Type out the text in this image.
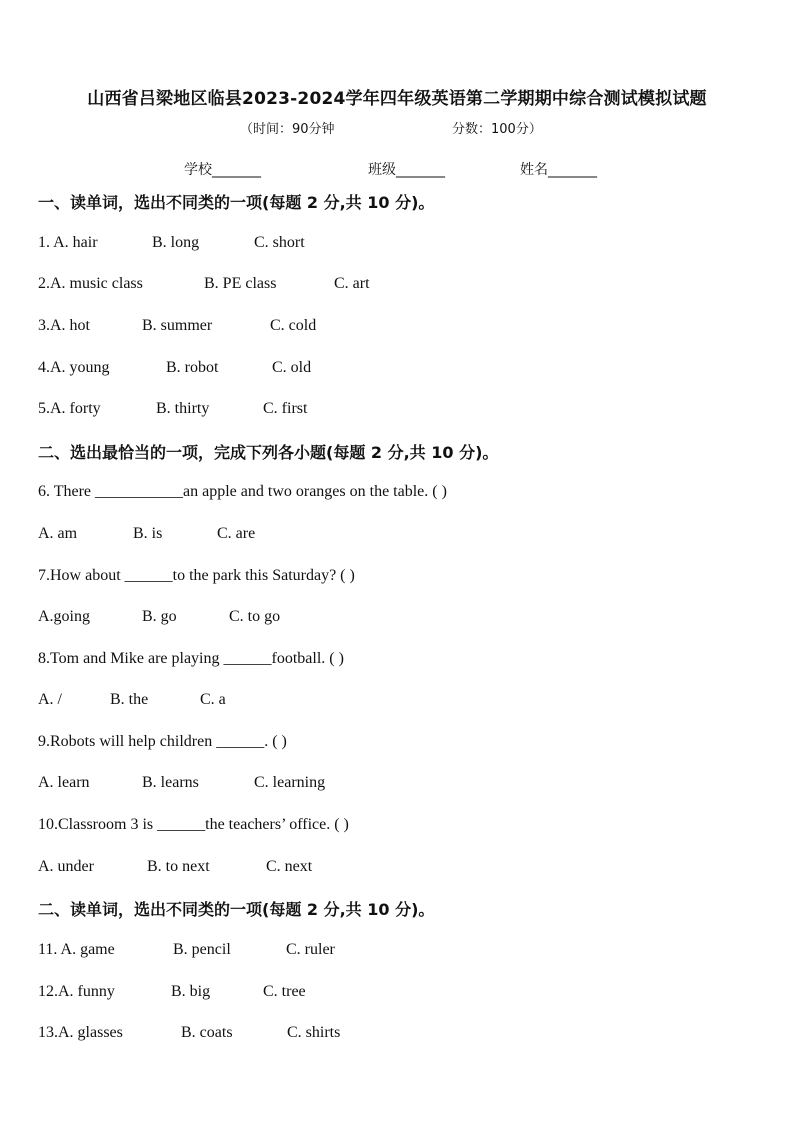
山西省吕梁地区临县2023-2024学年四年级英语第二学期期中综合测试模拟试题
（时间：90分钟	分数：100分）
学校_______	班级_______	姓名_______
一、读单词，选出不同类的一项(每题 2 分,共 10 分)。
1. A. hair	B. long	C. short
2.A. music class	B. PE class	C. art
3.A. hot	B. summer	C. cold
4.A. young	B. robot	C. old
5.A. forty	B. thirty	C. first
二、选出最恰当的一项，完成下列各小题(每题 2 分,共 10 分)。
6. There ___________an apple and two oranges on the table. ( )
A. am	B. is	C. are
7.How about ______to the park this Saturday? ( )
A.going	B. go	C. to go
8.Tom and Mike are playing ______football. ( )
A. /	B. the	C. a
9.Robots will help children ______. ( )
A. learn	B. learns	C. learning
10.Classroom 3 is ______the teachers’ office. ( )
A. under	B. to next	C. next
二、读单词，选出不同类的一项(每题 2 分,共 10 分)。
11. A. game	B. pencil	C. ruler
12.A. funny	B. big	C. tree
13.A. glasses	B. coats	C. shirts
